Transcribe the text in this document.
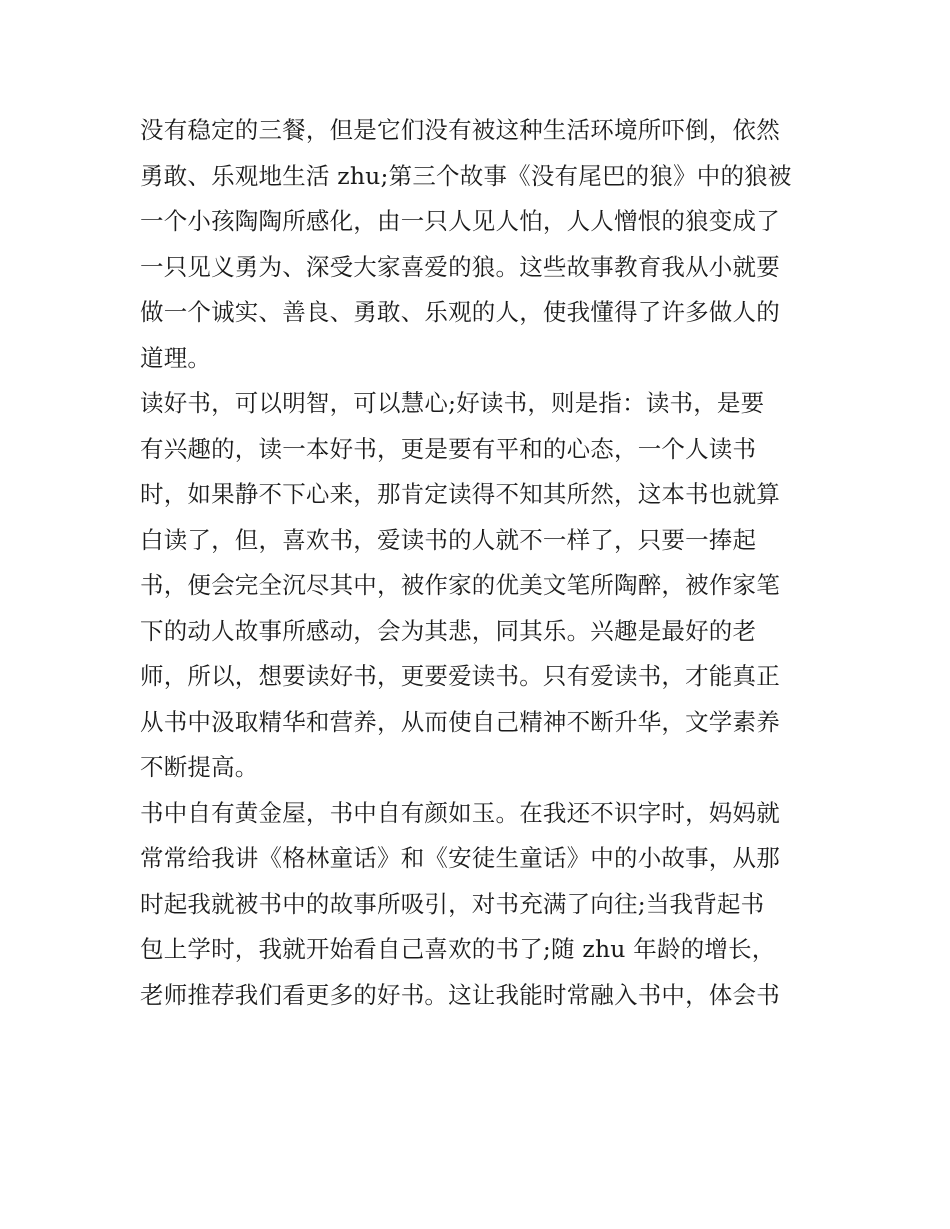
没有稳定的三餐，但是它们没有被这种生活环境所吓倒，依然
勇敢、乐观地生活 zhu;第三个故事《没有尾巴的狼》中的狼被
一个小孩陶陶所感化，由一只人见人怕，人人憎恨的狼变成了
一只见义勇为、深受大家喜爱的狼。这些故事教育我从小就要
做一个诚实、善良、勇敢、乐观的人，使我懂得了许多做人的
道理。
读好书，可以明智，可以慧心;好读书，则是指：读书，是要
有兴趣的，读一本好书，更是要有平和的心态，一个人读书
时，如果静不下心来，那肯定读得不知其所然，这本书也就算
白读了，但，喜欢书，爱读书的人就不一样了，只要一捧起
书，便会完全沉尽其中，被作家的优美文笔所陶醉，被作家笔
下的动人故事所感动，会为其悲，同其乐。兴趣是最好的老
师，所以，想要读好书，更要爱读书。只有爱读书，才能真正
从书中汲取精华和营养，从而使自己精神不断升华，文学素养
不断提高。
书中自有黄金屋，书中自有颜如玉。在我还不识字时，妈妈就
常常给我讲《格林童话》和《安徒生童话》中的小故事，从那
时起我就被书中的故事所吸引，对书充满了向往;当我背起书
包上学时，我就开始看自己喜欢的书了;随 zhu 年龄的增长，
老师推荐我们看更多的好书。这让我能时常融入书中，体会书
